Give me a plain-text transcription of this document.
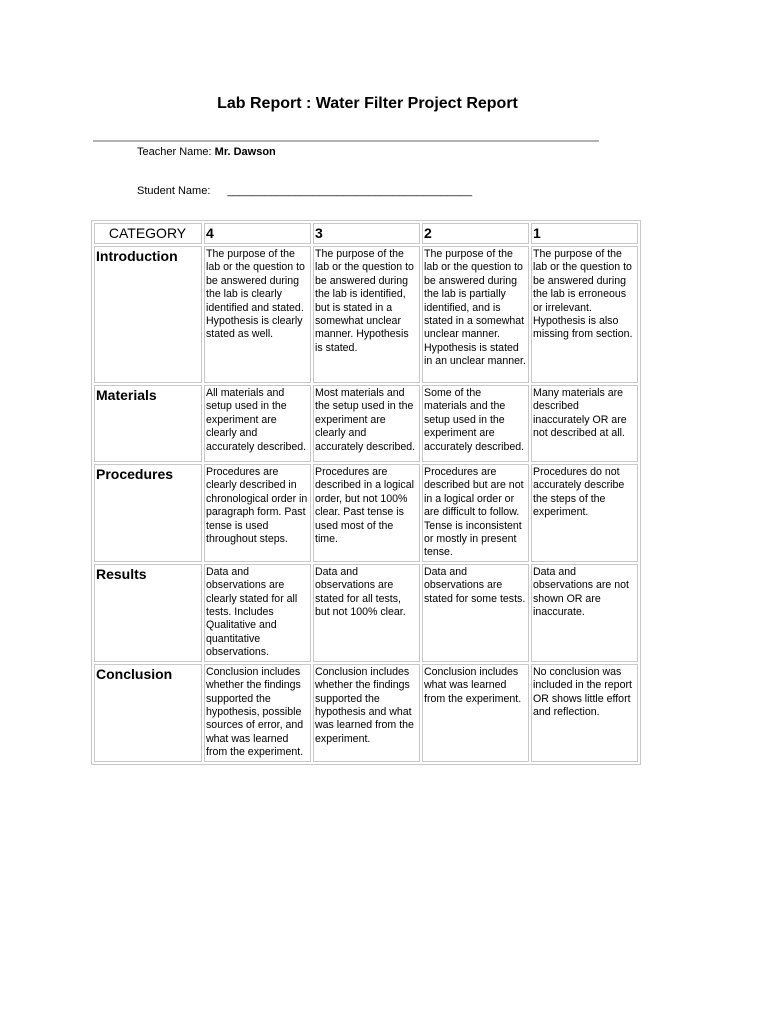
Lab Report : Water Filter Project Report
Teacher Name: Mr. Dawson
Student Name: ________________________________________
CATEGORY	4	3	2	1
Introduction	The purpose of the lab or the question to be answered during the lab is clearly identified and stated. Hypothesis is clearly stated as well.	The purpose of the lab or the question to be answered during the lab is identified, but is stated in a somewhat unclear manner. Hypothesis is stated.	The purpose of the lab or the question to be answered during the lab is partially identified, and is stated in a somewhat unclear manner. Hypothesis is stated in an unclear manner.	The purpose of the lab or the question to be answered during the lab is erroneous or irrelevant. Hypothesis is also missing from section.
Materials	All materials and setup used in the experiment are clearly and accurately described.	Most materials and the setup used in the experiment are clearly and accurately described.	Some of the materials and the setup used in the experiment are accurately described.	Many materials are described inaccurately OR are not described at all.
Procedures	Procedures are clearly described in chronological order in paragraph form. Past tense is used throughout steps.	Procedures are described in a logical order, but not 100% clear. Past tense is used most of the time.	Procedures are described but are not in a logical order or are difficult to follow. Tense is inconsistent or mostly in present tense.	Procedures do not accurately describe the steps of the experiment.
Results	Data and observations are clearly stated for all tests. Includes Qualitative and quantitative observations.	Data and observations are stated for all tests, but not 100% clear.	Data and observations are stated for some tests.	Data and observations are not shown OR are inaccurate.
Conclusion	Conclusion includes whether the findings supported the hypothesis, possible sources of error, and what was learned from the experiment.	Conclusion includes whether the findings supported the hypothesis and what was learned from the experiment.	Conclusion includes what was learned from the experiment.	No conclusion was included in the report OR shows little effort and reflection.
